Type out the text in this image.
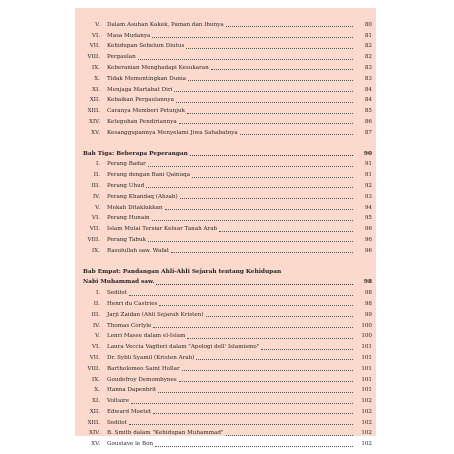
V.	Dalam Asuhan Kakek, Paman dan Ibunya	80
VI.	Masa Mudanya	81
VII.	Kehidupan Sebelum Diutus	82
VIII.	Pergaulan	82
IX.	Keberanian Menghadapi Kesukaran	83
X.	Tidak Mementingkan Dunia	83
XI.	Menjaga Martabat Diri	84
XII.	Kebaikan Pergaulannya	84
XIII.	Caranya Memberi Petunjuk	85
XIV.	Keteguhan Pendiriannya	86
XV.	Kesanggupannya Menyelami Jiwa Sahabatnya	87
Bab Tiga: Beberapa Peperangan	90
I.	Perang Badar	91
II.	Perang dengan Bani Qainuqa	91
III.	Perang Uhud	92
IV.	Perang Khandaq (Ahzab)	93
V.	Mekah Ditaklukkan	94
VI.	Perang Hunain	95
VII.	Islam Mulai Tersiar Keluar Tanah Arab	96
VIII.	Perang Tabuk	96
IX.	Rasulullah saw. Wafat	96
Bab Empat: Pandangan Ahli-Ahli Sejarah tentang Kehidupan
Nabi Muhammad saw.	98
I.	Sedilot	98
II.	Henri du Castries	98
III.	Jarji Zaidan (Ahli Sejarah Kristen)	99
IV.	Thomas Corlyle	100
V.	Lenri Masse dalam el-Islam	100
VI.	Laura Veccia Vagfieri dalam "Apologi dell' Islamismo"	101
VII.	Dr. Sybli Syamil (Kristen Arab)	101
VIII.	Bartholomeo Saint Hollar	101
IX.	Goudefroy Demombynes	101
X.	Hanna Dapenbrit	101
XI.	Voltaire	102
XII.	Edward Moetet	102
XIII.	Sedilot	102
XIV.	B. Smith dalam "Kehidupan Muhammad"	102
XV.	Goustave le Bon	102
